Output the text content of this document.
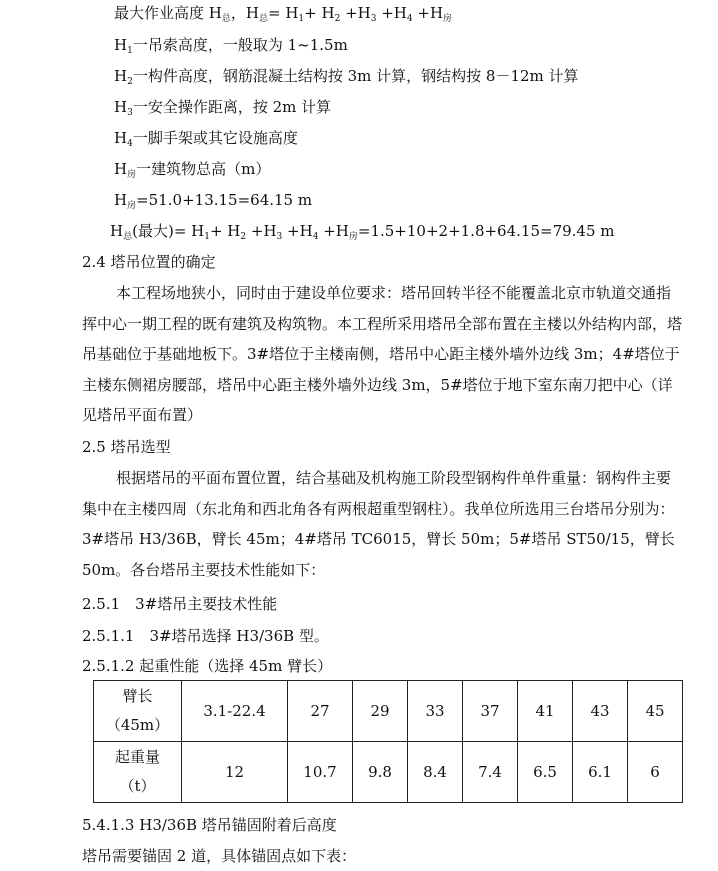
最大作业高度 $H_总$，$H_总= H_1+ H_2 +H_3 +H_4 +H_房$
$H_1$一吊索高度，一般取为 1~1.5m
$H_2$一构件高度，钢筋混凝土结构按 3m 计算，钢结构按 8－12m 计算
$H_3$一安全操作距离，按 2m 计算
$H_4$一脚手架或其它设施高度
$H_房$一建筑物总高（m）
$H_房=51.0+13.15=64.15$ m
$H_总$(最大)= $H_1+ H_2 +H_3 +H_4 +H_房=1.5+10+2+1.8+64.15=79.45$ m
2.4 塔吊位置的确定
本工程场地狭小，同时由于建设单位要求：塔吊回转半径不能覆盖北京市轨道交通指挥中心一期工程的既有建筑及构筑物。本工程所采用塔吊全部布置在主楼以外结构内部，塔吊基础位于基础地板下。3#塔位于主楼南侧，塔吊中心距主楼外墙外边线 3m；4#塔位于主楼东侧裙房腰部，塔吊中心距主楼外墙外边线 3m，5#塔位于地下室东南刀把中心（详见塔吊平面布置）
2.5 塔吊选型
根据塔吊的平面布置位置，结合基础及机构施工阶段型钢构件单件重量：钢构件主要集中在主楼四周（东北角和西北角各有两根超重型钢柱）。我单位所选用三台塔吊分别为：3#塔吊 H3/36B，臂长 45m；4#塔吊 TC6015，臂长 50m；5#塔吊 ST50/15，臂长 50m。各台塔吊主要技术性能如下：
2.5.1　3#塔吊主要技术性能
2.5.1.1　3#塔吊选择 H3/36B 型。
2.5.1.2 起重性能（选择 45m 臂长）
臂长
（45m）	3.1-22.4	27	29	33	37	41	43	45

起重量
（t）	12	10.7	9.8	8.4	7.4	6.5	6.1	6
5.4.1.3 H3/36B 塔吊锚固附着后高度
塔吊需要锚固 2 道，具体锚固点如下表：
